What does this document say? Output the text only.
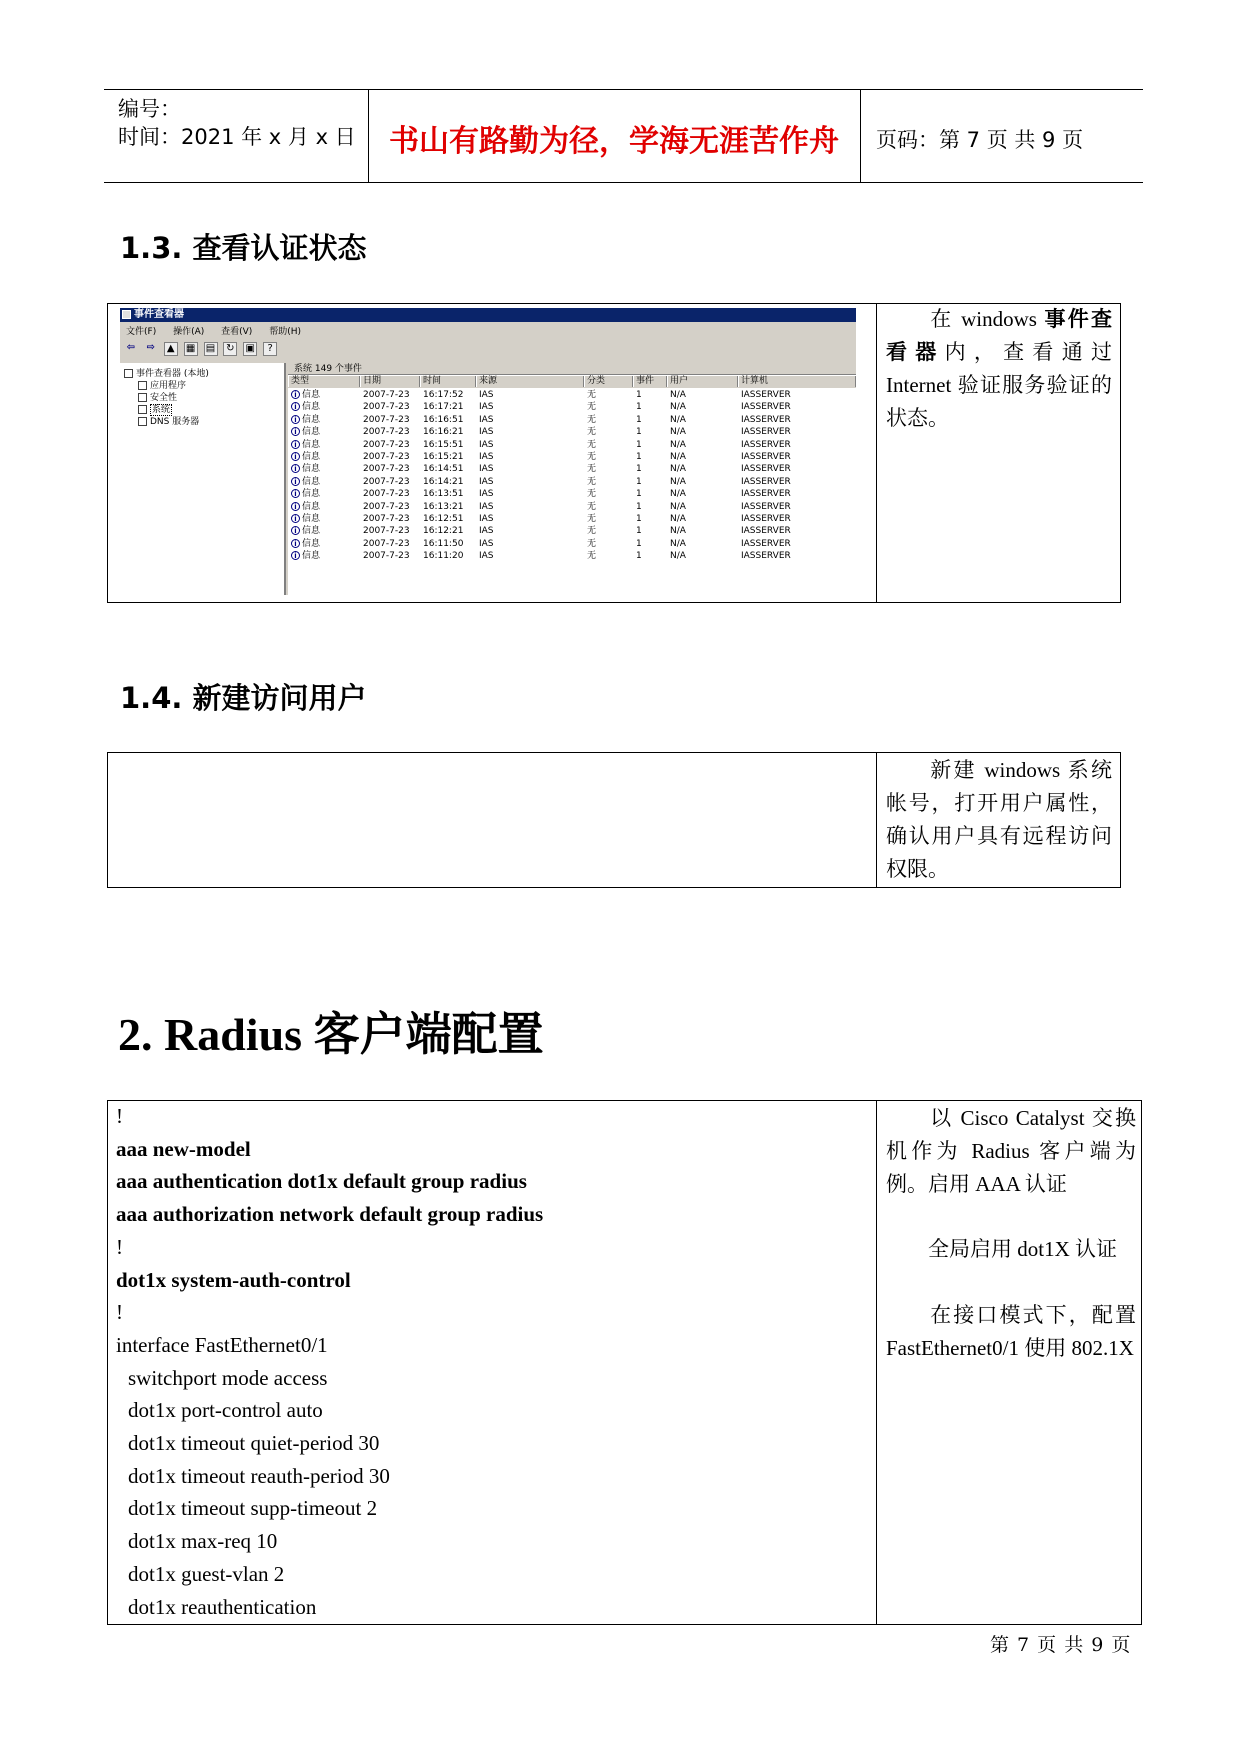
编号：
时间：2021 年 x 月 x 日	书山有路勤为径，学海无涯苦作舟	页码：第 7 页 共 9 页
1.3. 查看认证状态
事件查看器
文件(F) 操作(A) 查看(V) 帮助(H)
⇦ ⇨ ▲ ▦ ▤ ↻ ▣ ?
事件查看器 (本地)
应用程序
安全性
系统
DNS 服务器
系统 149 个事件
类型	日期	时间	来源	分类	事件	用户	计算机
i 信息	2007-7-23 16:17:52 IAS	无	1	N/A	IASSERVER
i 信息	2007-7-23 16:17:21 IAS	无	1	N/A	IASSERVER
i 信息	2007-7-23 16:16:51 IAS	无	1	N/A	IASSERVER
i 信息	2007-7-23 16:16:21 IAS	无	1	N/A	IASSERVER
i 信息	2007-7-23 16:15:51 IAS	无	1	N/A	IASSERVER
i 信息	2007-7-23 16:15:21 IAS	无	1	N/A	IASSERVER
i 信息	2007-7-23 16:14:51 IAS	无	1	N/A	IASSERVER
i 信息	2007-7-23 16:14:21 IAS	无	1	N/A	IASSERVER
i 信息	2007-7-23 16:13:51 IAS	无	1	N/A	IASSERVER
i 信息	2007-7-23 16:13:21 IAS	无	1	N/A	IASSERVER
i 信息	2007-7-23 16:12:51 IAS	无	1	N/A	IASSERVER
i 信息	2007-7-23 16:12:21 IAS	无	1	N/A	IASSERVER
i 信息	2007-7-23 16:11:50 IAS	无	1	N/A	IASSERVER
i 信息	2007-7-23 16:11:20 IAS	无	1	N/A	IASSERVER
在 windows 事件查看器内，查看通过 Internet 验证服务验证的状态。
1.4. 新建访问用户
新建 windows 系统帐号，打开用户属性，确认用户具有远程访问权限。
2. Radius 客户端配置
!
aaa new-model
aaa authentication dot1x default group radius
aaa authorization network default group radius
!
dot1x system-auth-control
!
interface FastEthernet0/1
switchport mode access
dot1x port-control auto
dot1x timeout quiet-period 30
dot1x timeout reauth-period 30
dot1x timeout supp-timeout 2
dot1x max-req 10
dot1x guest-vlan 2
dot1x reauthentication
以 Cisco Catalyst 交换机作为 Radius 客户端为例。 启用 AAA 认证
全局启用 dot1X 认证
在接口模式下，配置 FastEthernet0/1 使用 802.1X
第 7 页 共 9 页
